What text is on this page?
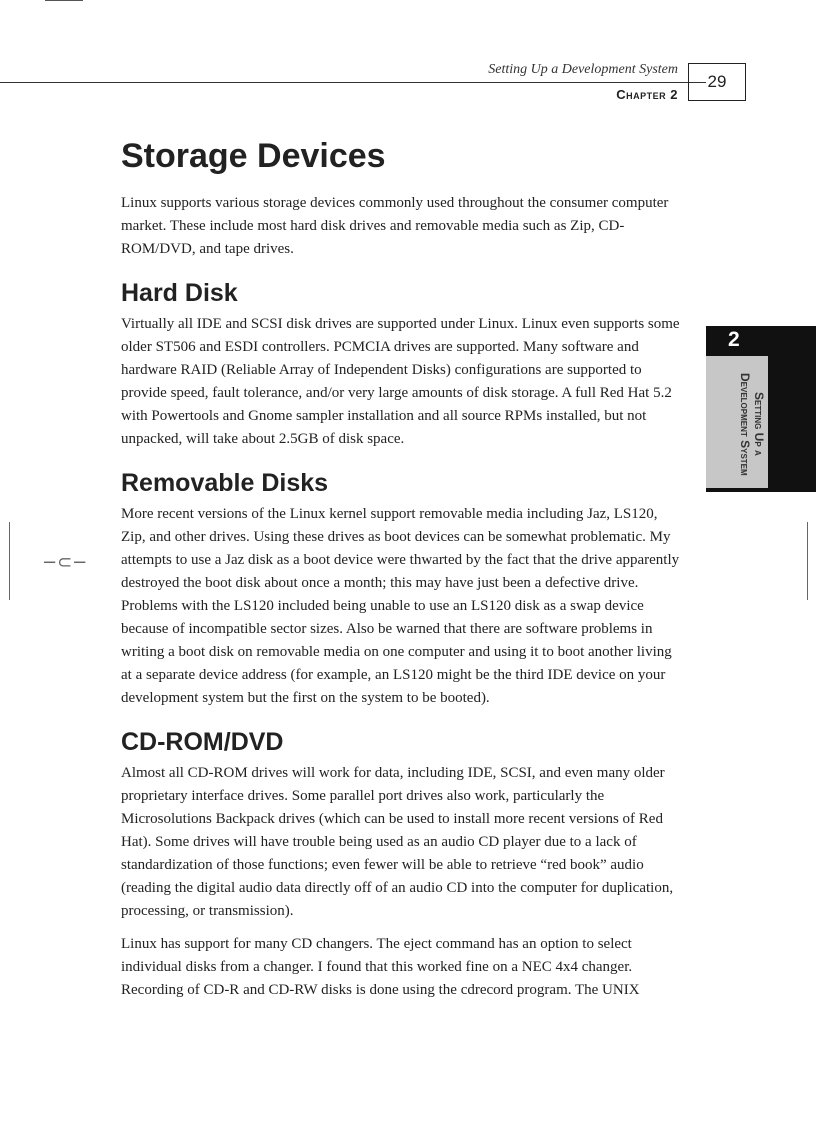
Setting Up a Development System
Chapter 2
29
2
Setting Up a Development System
−⊂−
Storage Devices

Linux supports various storage devices commonly used throughout the consumer computer market. These include most hard disk drives and removable media such as Zip, CD-ROM/DVD, and tape drives.

Hard Disk

Virtually all IDE and SCSI disk drives are supported under Linux. Linux even supports some older ST506 and ESDI controllers. PCMCIA drives are supported. Many software and hardware RAID (Reliable Array of Independent Disks) configurations are supported to provide speed, fault tolerance, and/or very large amounts of disk storage. A full Red Hat 5.2 with Powertools and Gnome sampler installation and all source RPMs installed, but not unpacked, will take about 2.5GB of disk space.

Removable Disks

More recent versions of the Linux kernel support removable media including Jaz, LS120, Zip, and other drives. Using these drives as boot devices can be somewhat problematic. My attempts to use a Jaz disk as a boot device were thwarted by the fact that the drive apparently destroyed the boot disk about once a month; this may have just been a defective drive. Problems with the LS120 included being unable to use an LS120 disk as a swap device because of incompatible sector sizes. Also be warned that there are software problems in writing a boot disk on removable media on one computer and using it to boot another living at a separate device address (for example, an LS120 might be the third IDE device on your development system but the first on the system to be booted).

CD-ROM/DVD

Almost all CD-ROM drives will work for data, including IDE, SCSI, and even many older proprietary interface drives. Some parallel port drives also work, particularly the Microsolutions Backpack drives (which can be used to install more recent versions of Red Hat). Some drives will have trouble being used as an audio CD player due to a lack of standardization of those functions; even fewer will be able to retrieve “red book” audio (reading the digital audio data directly off of an audio CD into the computer for duplication, processing, or transmission).

Linux has support for many CD changers. The eject command has an option to select individual disks from a changer. I found that this worked fine on a NEC 4x4 changer. Recording of CD-R and CD-RW disks is done using the cdrecord program. The UNIX
